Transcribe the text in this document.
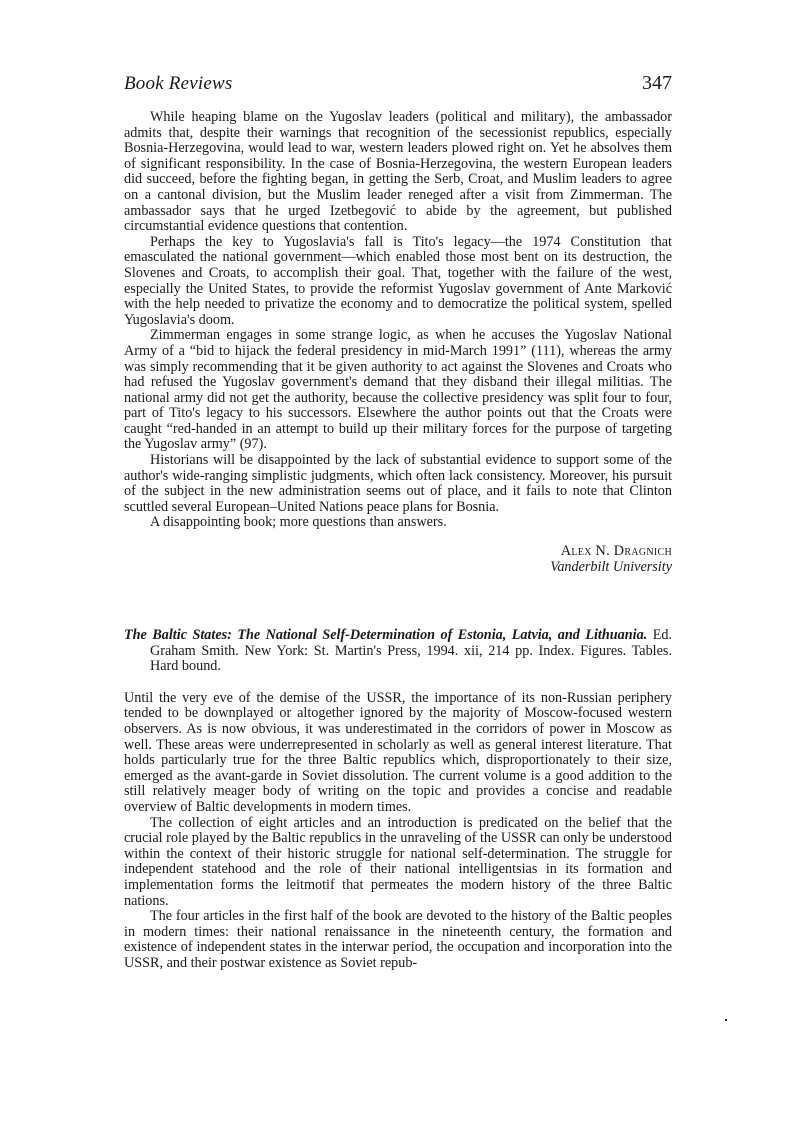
Book Reviews	347

While heaping blame on the Yugoslav leaders (political and military), the ambassador admits that, despite their warnings that recognition of the secessionist republics, especially Bosnia-Herzegovina, would lead to war, western leaders plowed right on. Yet he absolves them of significant responsibility. In the case of Bosnia-Herzegovina, the western European leaders did succeed, before the fighting began, in getting the Serb, Croat, and Muslim leaders to agree on a cantonal division, but the Muslim leader reneged after a visit from Zimmerman. The ambassador says that he urged Izetbegović to abide by the agreement, but published circumstantial evidence questions that contention.

Perhaps the key to Yugoslavia's fall is Tito's legacy—the 1974 Constitution that emasculated the national government—which enabled those most bent on its destruction, the Slovenes and Croats, to accomplish their goal. That, together with the failure of the west, especially the United States, to provide the reformist Yugoslav government of Ante Marković with the help needed to privatize the economy and to democratize the political system, spelled Yugoslavia's doom.

Zimmerman engages in some strange logic, as when he accuses the Yugoslav National Army of a “bid to hijack the federal presidency in mid-March 1991” (111), whereas the army was simply recommending that it be given authority to act against the Slovenes and Croats who had refused the Yugoslav government's demand that they disband their illegal militias. The national army did not get the authority, because the collective presidency was split four to four, part of Tito's legacy to his successors. Elsewhere the author points out that the Croats were caught “red-handed in an attempt to build up their military forces for the purpose of targeting the Yugoslav army” (97).

Historians will be disappointed by the lack of substantial evidence to support some of the author's wide-ranging simplistic judgments, which often lack consistency. Moreover, his pursuit of the subject in the new administration seems out of place, and it fails to note that Clinton scuttled several European–United Nations peace plans for Bosnia.

A disappointing book; more questions than answers.

Alex N. Dragnich
Vanderbilt University
The Baltic States: The National Self-Determination of Estonia, Latvia, and Lithuania. Ed. Graham Smith. New York: St. Martin's Press, 1994. xii, 214 pp. Index. Figures. Tables. Hard bound.

Until the very eve of the demise of the USSR, the importance of its non-Russian periphery tended to be downplayed or altogether ignored by the majority of Moscow-focused western observers. As is now obvious, it was underestimated in the corridors of power in Moscow as well. These areas were underrepresented in scholarly as well as general interest literature. That holds particularly true for the three Baltic republics which, disproportionately to their size, emerged as the avant-garde in Soviet dissolution. The current volume is a good addition to the still relatively meager body of writing on the topic and provides a concise and readable overview of Baltic developments in modern times.

The collection of eight articles and an introduction is predicated on the belief that the crucial role played by the Baltic republics in the unraveling of the USSR can only be understood within the context of their historic struggle for national self-determination. The struggle for independent statehood and the role of their national intelligentsias in its formation and implementation forms the leitmotif that permeates the modern history of the three Baltic nations.

The four articles in the first half of the book are devoted to the history of the Baltic peoples in modern times: their national renaissance in the nineteenth century, the formation and existence of independent states in the interwar period, the occupation and incorporation into the USSR, and their postwar existence as Soviet repub-
